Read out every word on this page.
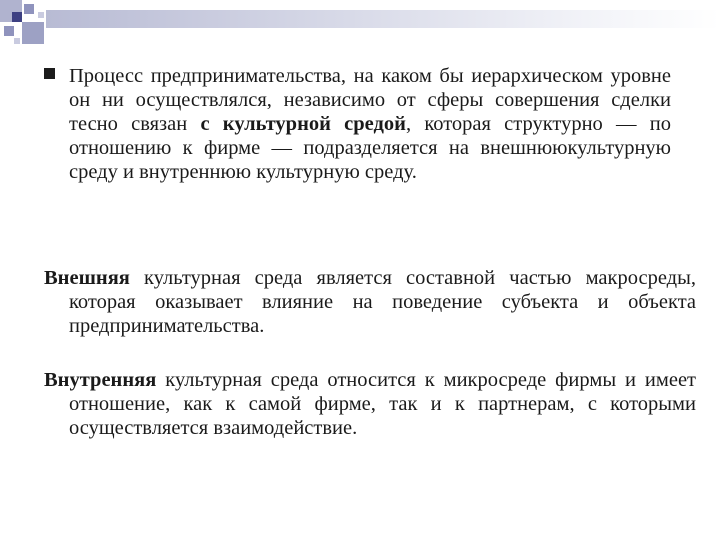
Процесс предпринимательства, на каком бы иерархическом уровне он ни осуществлялся, независимо от сферы совершения сделки тесно связан с культурной средой, которая структурно — по отношению к фирме — подразделяется на внешнююкультурную среду и внутреннюю культурную среду.

Внешняя культурная среда является составной частью макросреды, которая оказывает влияние на поведение субъекта и объекта предпринимательства.

Внутренняя культурная среда относится к микросреде фирмы и имеет отношение, как к самой фирме, так и к партнерам, с которыми осуществляется взаимодействие.
